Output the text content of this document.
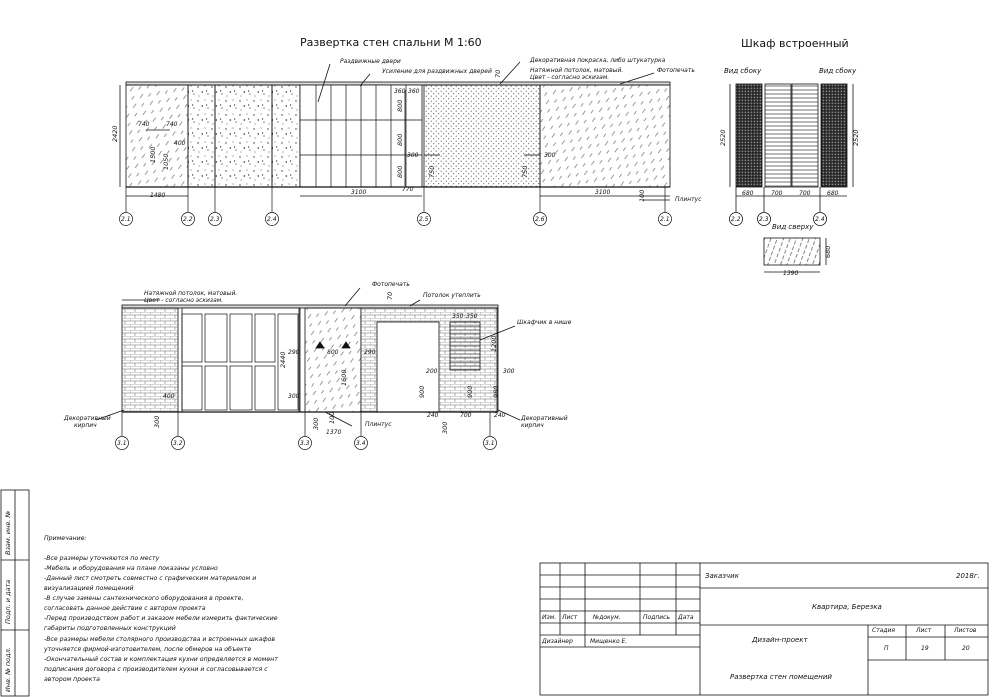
Развертка стен спальни М 1:60	Шкаф встроенный
Раздвижные двери
Усиление для раздвижных дверей
Декоративная покраска, либо штукатурка
Натяжной потолок, матовый.
Цвет - согласно эскизам.
Фотопечать
Плинтус
2420
740	740
400
1500 1050
1480
360 360
800
800
800
300
750
70
300
750
3100	770	3100	100
2.1	2.2	2.3	2.4	2.5	2.6	2.1
Вид сбоку	Вид сбоку
2520	2520
680	700	700	680
2.2	2.3	2.4
Вид сверху
1390
680
Натяжной потолок, матовый.
Цвет - согласно эскизам.
Фотопечать
Потолок утеплить
Шкафчик в нише
Декоративный
кирпич
Декоративный
кирпич
Плинтус
400
300
2440 290
300
800	290
1600
70
350 350
1200
200	300
900	900	980
240	700	240
300	300
100
1370
3.1	3.2	3.3	3.4	3.1
Примечание:
-Все размеры уточняются по месту
-Мебель и оборудования на плане показаны условно
-Данный лист смотреть совместно с графическим материалом и
визуализацией помещений
-В случае замены сантехнического оборудования в проекте,
согласовать данное действие с автором проекта
-Перед производством работ и заказом мебели измерить фактические
габариты подготовленных конструкций
-Все размеры мебели столярного производства и встроенных шкафов
уточняется фирмой-изготовителем, после обмеров на объекте
-Окончательный состав и комплектация кухни определяется в момент
подписания договора с производителем кухни и согласовывается с
автором проекта
Заказчик	2018г.
Квартира, Березка
Изм. Лист	№докум.	Подпись Дата
Дизайнер	Мищенко Е.	Дизайн-проект
Стадия	Лист	Листов
П	19	20
Развертка стен помещений
Взам. инв. №
Подп. и дата
Инв. № подл.
